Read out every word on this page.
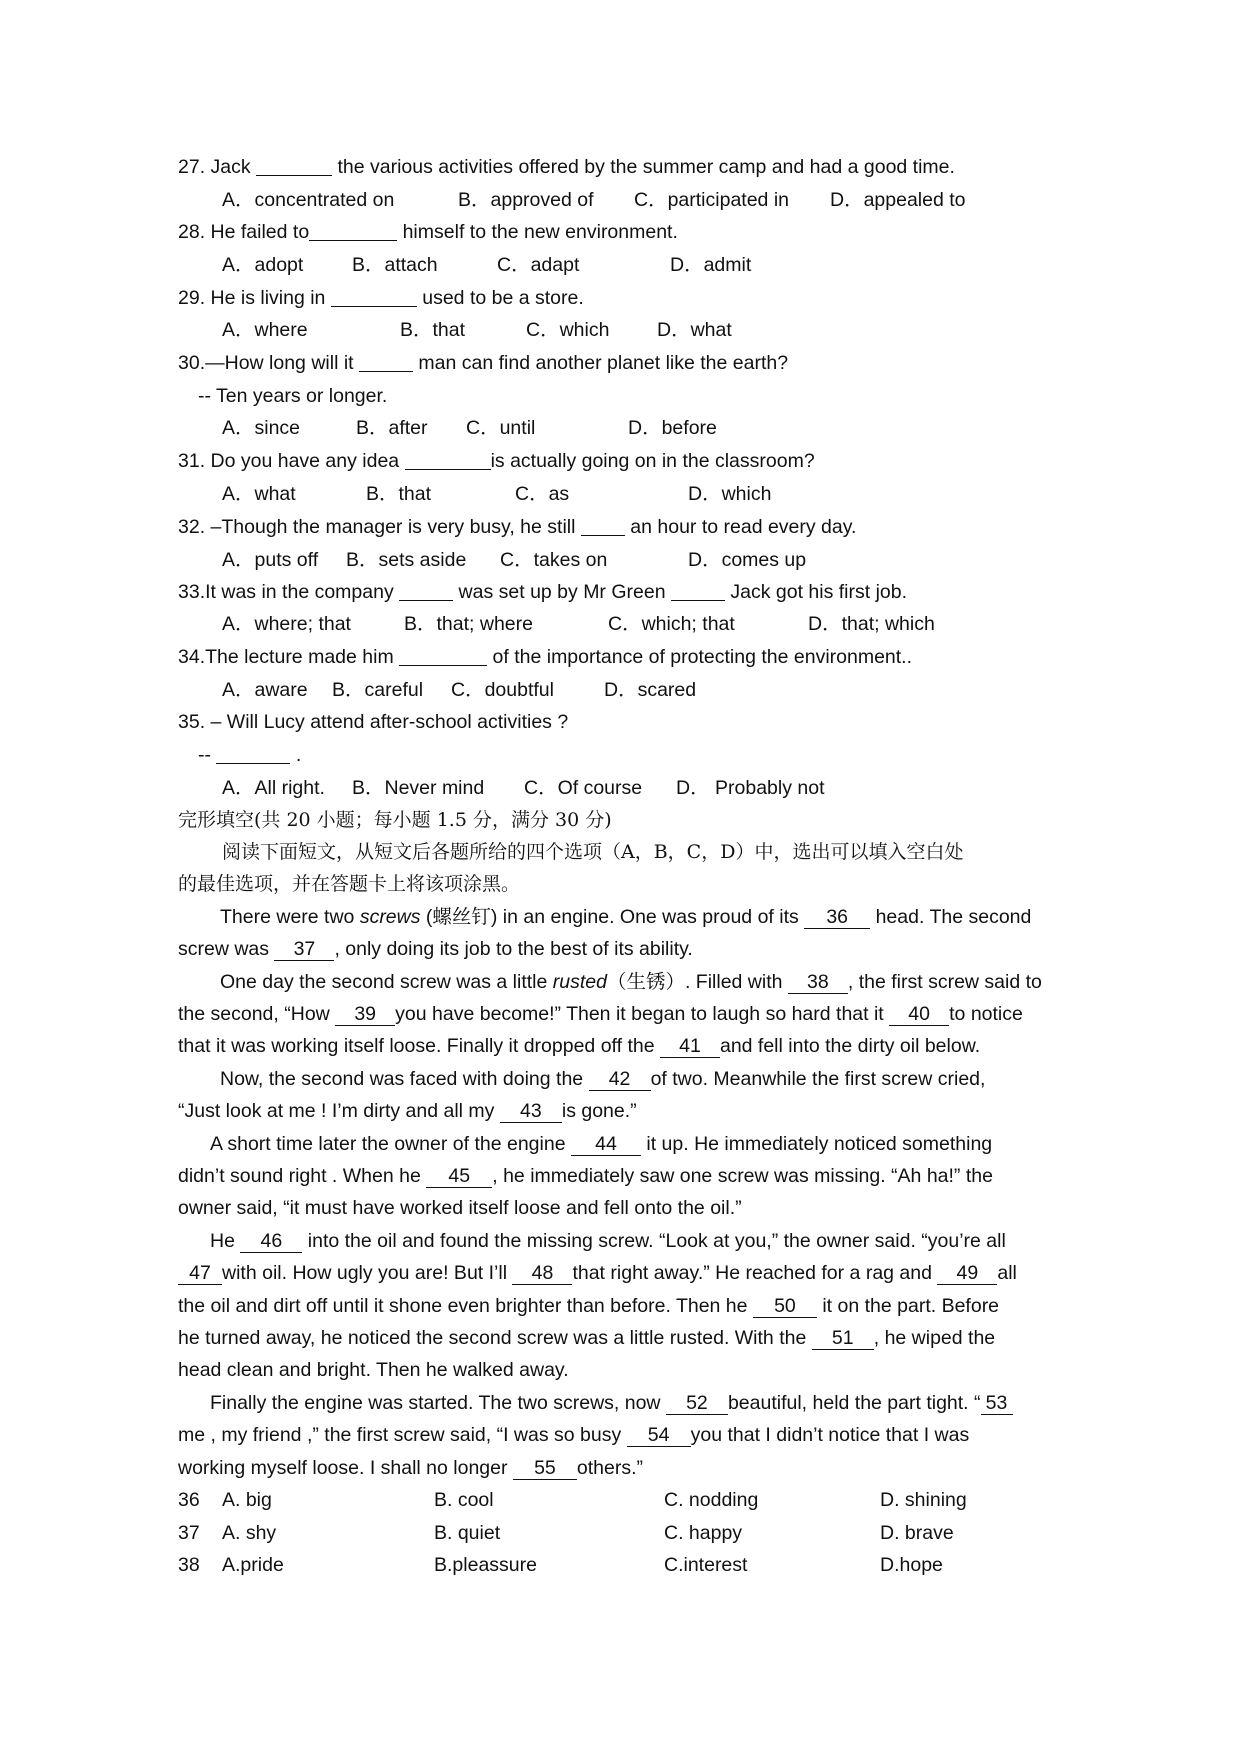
27. Jack	the various activities offered by the summer camp and had a good time.
A．concentrated on	B．approved of C．participated in D．appealed to
28. He failed to	himself to the new environment.
A．adopt B．attach	C．adapt	D．admit
29. He is living in	used to be a store.
A．where	B．that	C．which D．what
30.—How long will it	man can find another planet like the earth?
-- Ten years or longer.
A．since	B．after C．until	D．before
31. Do you have any idea	is actually going on in the classroom?
A．what	B．that	C．as	D．which
32. –Though the manager is very busy, he still  an hour to read every day.
A．puts off B．sets aside C．takes on	D．comes up
33.It was in the company	was set up by Mr Green	Jack got his first job.
A．where; that	B．that; where	C．which; that	D．that; which
34.The lecture made him	of the importance of protecting the environment..
A．aware B．careful C．doubtful	D．scared
35. – Will Lucy attend after-school activities ?
--	.
A．All right. B．Never mind C．Of course D． Probably not
完形填空(共 20 小题；每小题 1.5 分，满分 30 分)
阅读下面短文，从短文后各题所给的四个选项（A，B，C，D）中，选出可以填入空白处
的最佳选项，并在答题卡上将该项涂黑。
There were two screws (螺丝钉) in an engine. One was proud of its 36 head. The second
screw was 37 , only doing its job to the best of its ability.
One day the second screw was a little rusted（生锈）. Filled with 38 , the first screw said to
the second, “How 39 you have become!” Then it began to laugh so hard that it 40 to notice
that it was working itself loose. Finally it dropped off the 41 and fell into the dirty oil below.
Now, the second was faced with doing the 42 of two. Meanwhile the first screw cried,
“Just look at me ! I’m dirty and all my 43 is gone.”
A short time later the owner of the engine 44 it up. He immediately noticed something
didn’t sound right . When he 45 , he immediately saw one screw was missing. “Ah ha!” the
owner said, “it must have worked itself loose and fell onto the oil.”
He 46 into the oil and found the missing screw. “Look at you,” the owner said. “you’re all
47 with oil. How ugly you are! But I’ll 48 that right away.” He reached for a rag and 49 all
the oil and dirt off until it shone even brighter than before. Then he 50 it on the part. Before
he turned away, he noticed the second screw was a little rusted. With the 51 , he wiped the
head clean and bright. Then he walked away.
Finally the engine was started. The two screws, now 52 beautiful, held the part tight. “ 53
me , my friend ,” the first screw said, “I was so busy 54 you that I didn’t notice that I was
working myself loose. I shall no longer 55 others.”
36 A. big	B. cool	C. nodding	D. shining
37 A. shy	B. quiet	C. happy	D. brave
38 A.pride	B.pleassure	C.interest	D.hope
